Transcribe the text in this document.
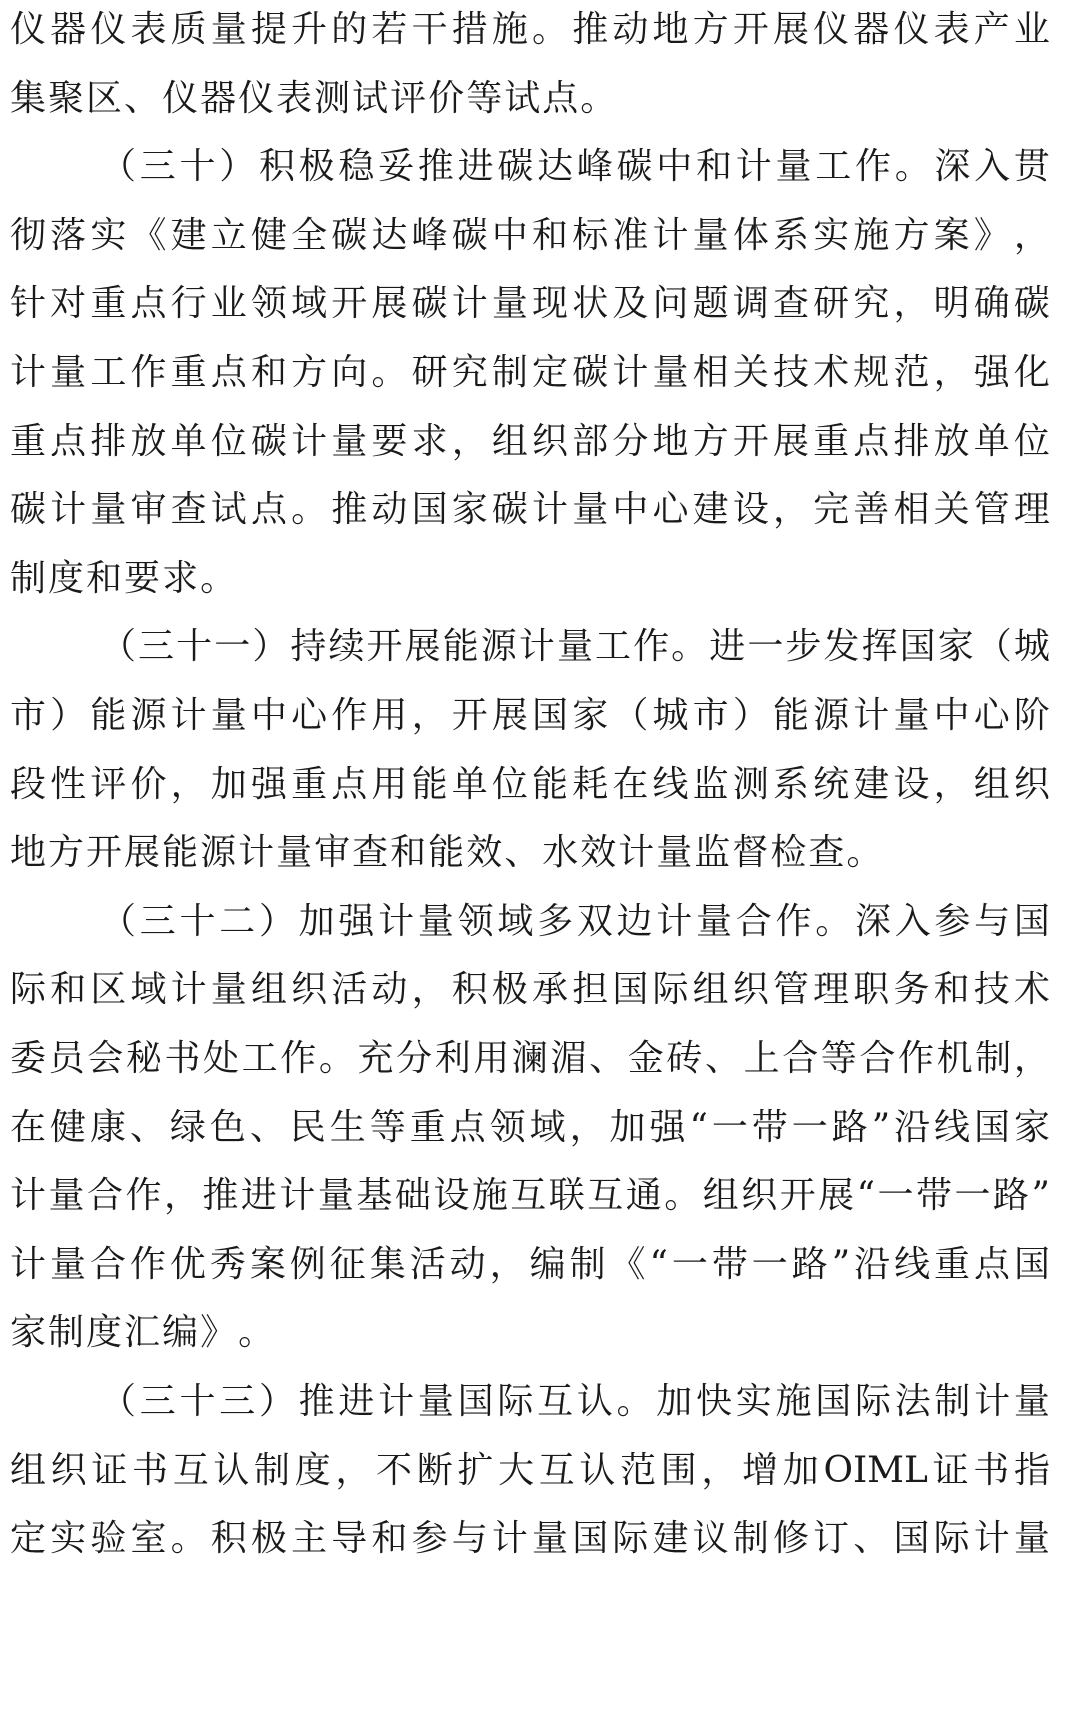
仪 器 仪 表 质 量 提 升 的 若 干 措 施 。 推 动 地 方 开 展 仪 器 仪 表 产 业
集 聚 区 、 仪 器 仪 表 测 试 评 价 等 试 点 。
（ 三 十 ） 积 极 稳 妥 推 进 碳 达 峰 碳 中 和 计 量 工 作 。 深 入 贯
彻 落 实 《 建 立 健 全 碳 达 峰 碳 中 和 标 准 计 量 体 系 实 施 方 案 》 ，
针 对 重 点 行 业 领 域 开 展 碳 计 量 现 状 及 问 题 调 查 研 究 ， 明 确 碳
计 量 工 作 重 点 和 方 向 。 研 究 制 定 碳 计 量 相 关 技 术 规 范 ， 强 化
重 点 排 放 单 位 碳 计 量 要 求 ， 组 织 部 分 地 方 开 展 重 点 排 放 单 位
碳 计 量 审 查 试 点 。 推 动 国 家 碳 计 量 中 心 建 设 ， 完 善 相 关 管 理
制 度 和 要 求 。
（ 三 十 一 ） 持 续 开 展 能 源 计 量 工 作 。 进 一 步 发 挥 国 家 （ 城
市 ） 能 源 计 量 中 心 作 用 ， 开 展 国 家 （ 城 市 ） 能 源 计 量 中 心 阶
段 性 评 价 ， 加 强 重 点 用 能 单 位 能 耗 在 线 监 测 系 统 建 设 ， 组 织
地 方 开 展 能 源 计 量 审 查 和 能 效 、 水 效 计 量 监 督 检 查 。
（ 三 十 二 ） 加 强 计 量 领 域 多 双 边 计 量 合 作 。 深 入 参 与 国
际 和 区 域 计 量 组 织 活 动 ， 积 极 承 担 国 际 组 织 管 理 职 务 和 技 术
委 员 会 秘 书 处 工 作 。 充 分 利 用 澜 湄 、 金 砖 、 上 合 等 合 作 机 制 ，
在 健 康 、 绿 色 、 民 生 等 重 点 领 域 ， 加 强 “ 一 带 一 路 ” 沿 线 国 家
计 量 合 作 ， 推 进 计 量 基 础 设 施 互 联 互 通 。 组 织 开 展 “ 一 带 一 路 ”
计 量 合 作 优 秀 案 例 征 集 活 动 ， 编 制 《 “ 一 带 一 路 ” 沿 线 重 点 国
家 制 度 汇 编 》 。
（ 三 十 三 ） 推 进 计 量 国 际 互 认 。 加 快 实 施 国 际 法 制 计 量
组 织 证 书 互 认 制 度 ， 不 断 扩 大 互 认 范 围 ， 增 加 OIML 证 书 指
定 实 验 室 。 积 极 主 导 和 参 与 计 量 国 际 建 议 制 修 订 、 国 际 计 量
